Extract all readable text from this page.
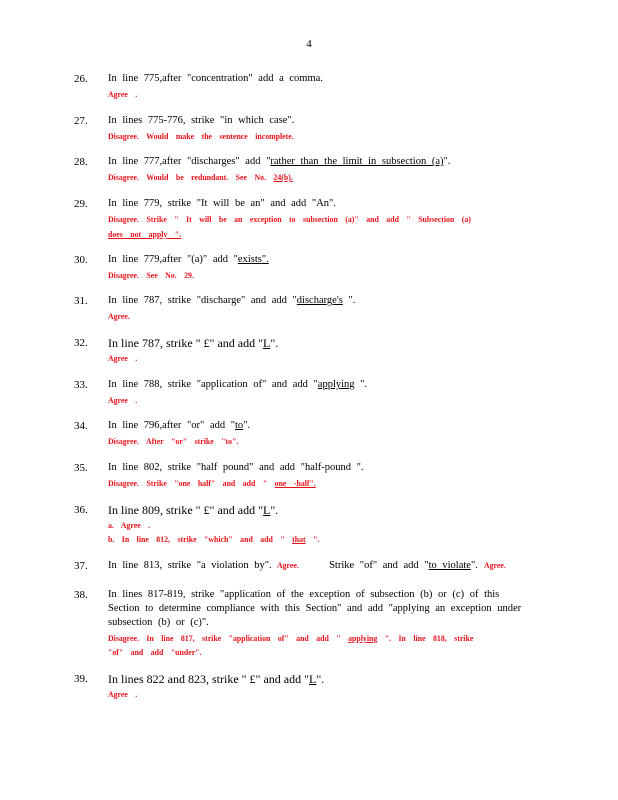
4
26. In line 775,after "concentration" add a comma.
Agree .
27. In lines 775-776, strike "in which case".
Disagree. Would make the sentence incomplete.
28. In line 777,after "discharges" add "rather than the limit in subsection (a)".
Disagree. Would be redundant. See No. 24(b).
29. In line 779, strike "It will be an" and add "An".
Disagree. Strike " It will be an exception to subsection (a)" and add " Subsection (a)
does not apply ".
30. In line 779,after "(a)" add "exists".
Disagree. See No. 29.
31. In line 787, strike "discharge" and add "discharge's ".
Agree.
32. In line 787, strike " £" and add "L".
Agree .
33. In line 788, strike "application of" and add "applying ".
Agree .
34. In line 796,after "or" add "to".
Disagree. After "or" strike "to".
35. In line 802, strike "half pound" and add "half-pound ".
Disagree. Strike "one half" and add " one -half".
36. In line 809, strike " £" and add "L".
a. Agree .
b. In line 812, strike "which" and add " that ".
37. In line 813, strike "a violation by". Agree.	Strike "of" and add "to violate". Agree.
38. In lines 817-819, strike "application of the exception of subsection (b) or (c) of this
Section to determine compliance with this Section" and add "applying an exception under
subsection (b) or (c)".
Disagree. In line 817, strike "application of" and add " applying ". In line 818, strike
"of" and add "under".
39. In lines 822 and 823, strike " £" and add "L".
Agree .
